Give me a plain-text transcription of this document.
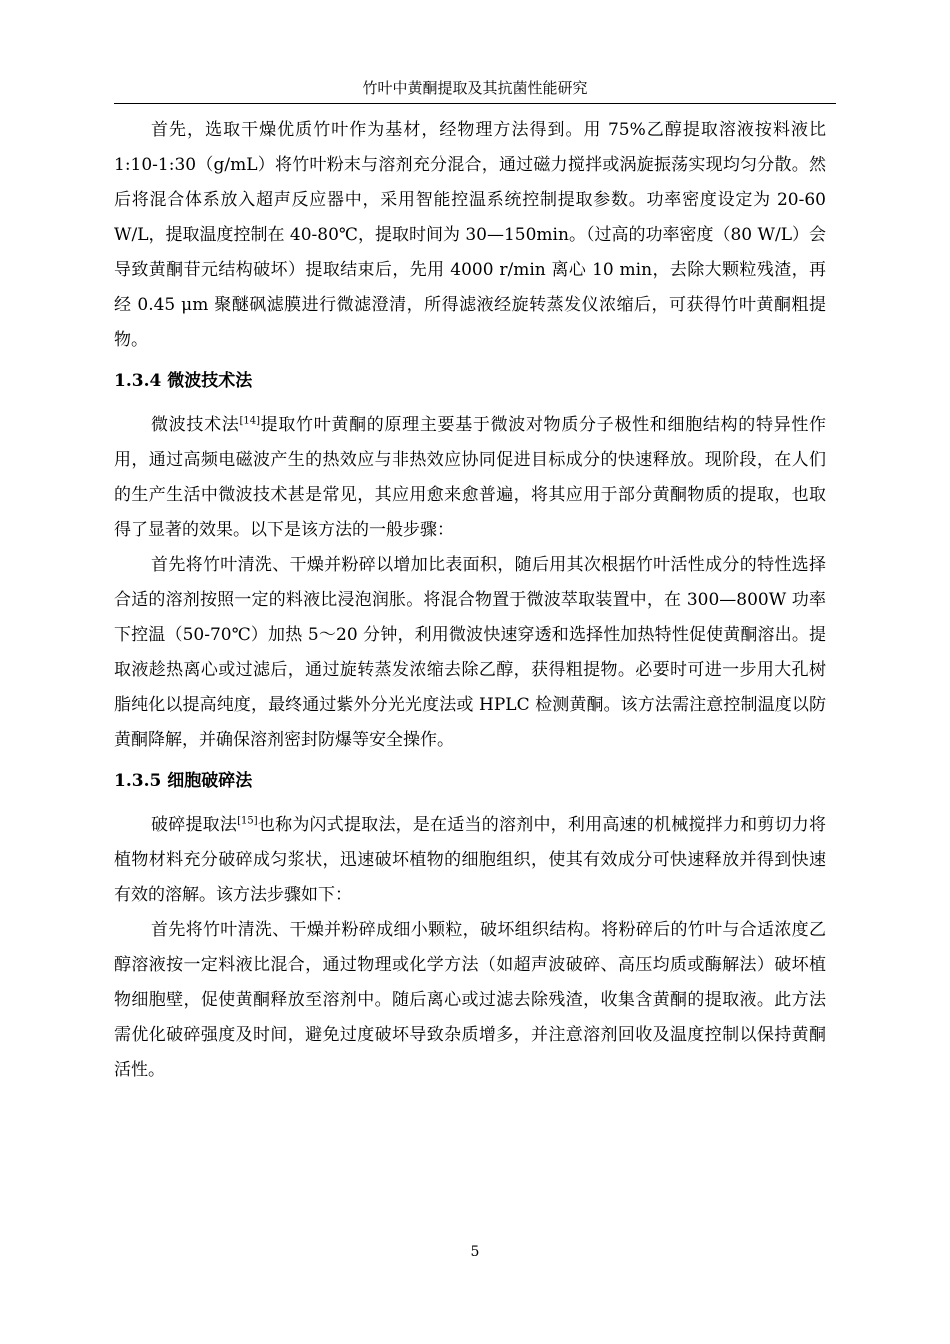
竹叶中黄酮提取及其抗菌性能研究

首先，选取干燥优质竹叶作为基材，经物理方法得到。用 75%乙醇提取溶液按料液比 1:10-1:30（g/mL）将竹叶粉末与溶剂充分混合，通过磁力搅拌或涡旋振荡实现均匀分散。然后将混合体系放入超声反应器中，采用智能控温系统控制提取参数。功率密度设定为 20-60 W/L，提取温度控制在 40-80℃，提取时间为 30—150min。（过高的功率密度（80 W/L）会导致黄酮苷元结构破坏）提取结束后，先用 4000 r/min 离心 10 min，去除大颗粒残渣，再经 0.45 μm 聚醚砜滤膜进行微滤澄清，所得滤液经旋转蒸发仪浓缩后，可获得竹叶黄酮粗提物。

1.3.4 微波技术法

微波技术法[14]提取竹叶黄酮的原理主要基于微波对物质分子极性和细胞结构的特异性作用，通过高频电磁波产生的热效应与非热效应协同促进目标成分的快速释放。现阶段，在人们的生产生活中微波技术甚是常见，其应用愈来愈普遍，将其应用于部分黄酮物质的提取，也取得了显著的效果。以下是该方法的一般步骤：

首先将竹叶清洗、干燥并粉碎以增加比表面积，随后用其次根据竹叶活性成分的特性选择合适的溶剂按照一定的料液比浸泡润胀。将混合物置于微波萃取装置中，在 300—800W 功率下控温（50-70℃）加热 5～20 分钟，利用微波快速穿透和选择性加热特性促使黄酮溶出。提取液趁热离心或过滤后，通过旋转蒸发浓缩去除乙醇，获得粗提物。必要时可进一步用大孔树脂纯化以提高纯度，最终通过紫外分光光度法或 HPLC 检测黄酮。该方法需注意控制温度以防黄酮降解，并确保溶剂密封防爆等安全操作。

1.3.5 细胞破碎法

破碎提取法[15]也称为闪式提取法，是在适当的溶剂中，利用高速的机械搅拌力和剪切力将植物材料充分破碎成匀浆状，迅速破坏植物的细胞组织，使其有效成分可快速释放并得到快速有效的溶解。该方法步骤如下：

首先将竹叶清洗、干燥并粉碎成细小颗粒，破坏组织结构。将粉碎后的竹叶与合适浓度乙醇溶液按一定料液比混合，通过物理或化学方法（如超声波破碎、高压均质或酶解法）破坏植物细胞壁，促使黄酮释放至溶剂中。随后离心或过滤去除残渣，收集含黄酮的提取液。此方法需优化破碎强度及时间，避免过度破坏导致杂质增多，并注意溶剂回收及温度控制以保持黄酮活性。

5
